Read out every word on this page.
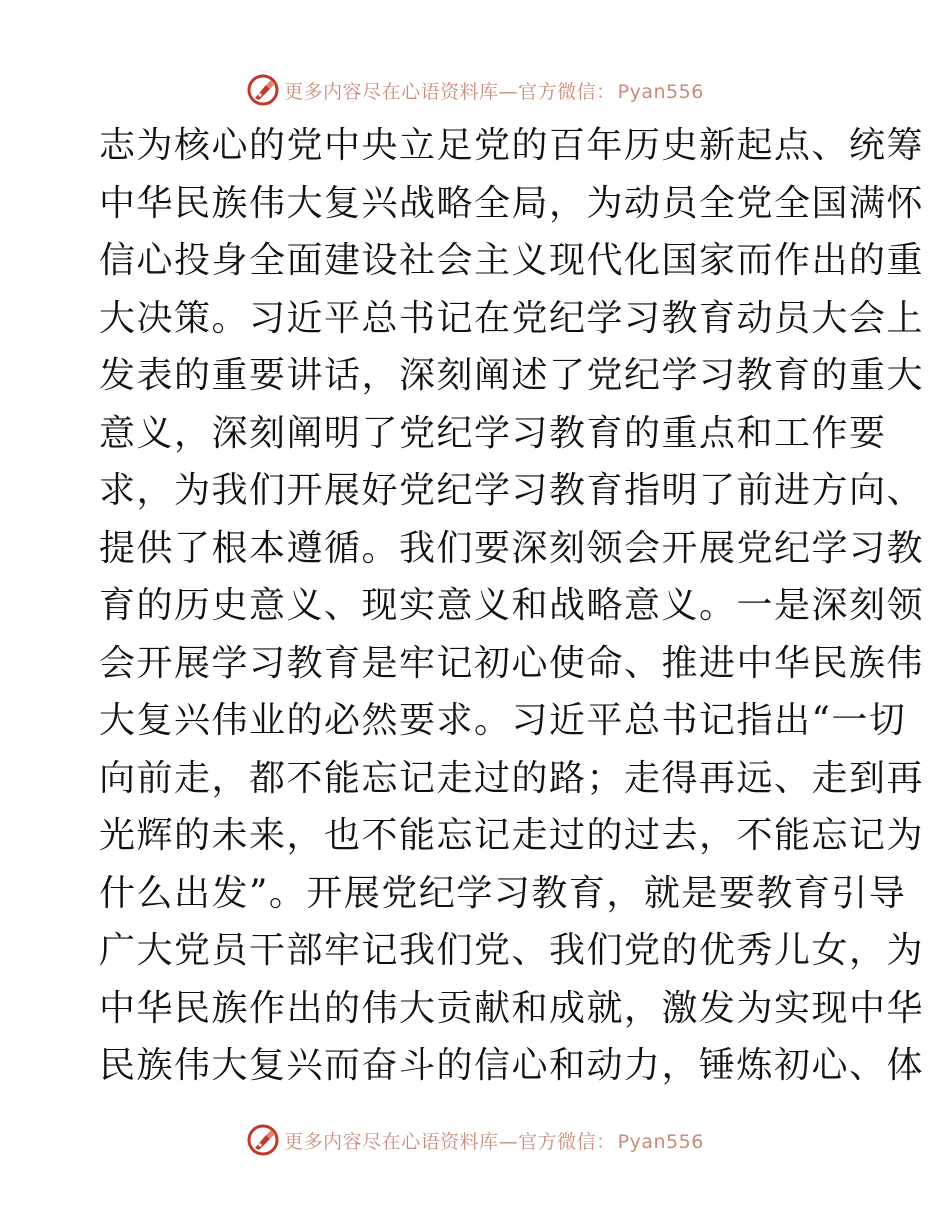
更多内容尽在心语资料库—官方微信： Pyan556
志为核心的党中央立足党的百年历史新起点、统筹
中华民族伟大复兴战略全局，为动员全党全国满怀
信心投身全面建设社会主义现代化国家而作出的重
大决策。习近平总书记在党纪学习教育动员大会上
发表的重要讲话，深刻阐述了党纪学习教育的重大
意义，深刻阐明了党纪学习教育的重点和工作要
求，为我们开展好党纪学习教育指明了前进方向、
提供了根本遵循。我们要深刻领会开展党纪学习教
育的历史意义、现实意义和战略意义。一是深刻领
会开展学习教育是牢记初心使命、推进中华民族伟
大复兴伟业的必然要求。习近平总书记指出“一切
向前走，都不能忘记走过的路；走得再远、走到再
光辉的未来，也不能忘记走过的过去，不能忘记为
什么出发”。开展党纪学习教育，就是要教育引导
广大党员干部牢记我们党、我们党的优秀儿女，为
中华民族作出的伟大贡献和成就，激发为实现中华
民族伟大复兴而奋斗的信心和动力，锤炼初心、体
更多内容尽在心语资料库—官方微信： Pyan556
